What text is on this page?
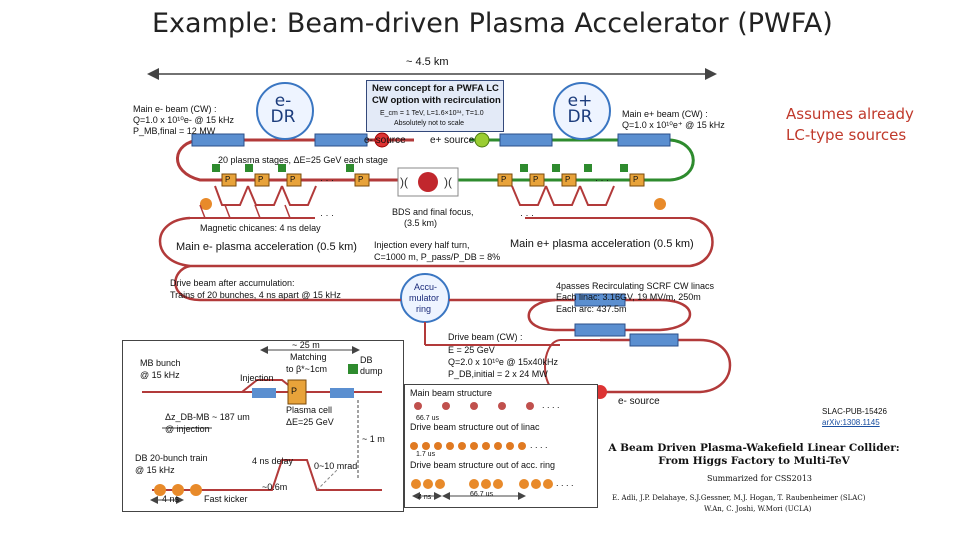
Example: Beam-driven Plasma Accelerator (PWFA)
Assumes already
LC-type sources
)(	)(
e-
DR
e+
DR
~ 4.5 km
New concept for a PWFA LC
CW option with recirculation
E_cm = 1 TeV, L=1.6×10³⁴, T=1.0
Absolutely not to scale
Main e- beam (CW) :
Q=1.0 x 10¹⁰e- @ 15 kHz
P_MB,final = 12 MW
Main e+ beam (CW) :
Q=1.0 x 10¹⁰e⁺ @ 15 kHz
e- source e+ source
20 plasma stages, ΔE=25 GeV each stage
P	P	P	P	P	P	P	P
· · ·	· · ·
· · ·	· · ·
BDS and final focus,
(3.5 km)
Magnetic chicanes: 4 ns delay
Main e- plasma acceleration (0.5 km)	Main e+ plasma acceleration (0.5 km)
Injection every half turn,
C=1000 m, P_pass/P_DB = 8%
Drive beam after accumulation:
Trains of 20 bunches, 4 ns apart @ 15 kHz
Accu-
mulator
ring
4passes Recirculating SCRF CW linacs
Each linac: 3.16GV, 19 MV/m, 250m
Each arc: 437.5m
Drive beam (CW) :
E = 25 GeV
Q=2.0 x 10¹⁰e @ 15x40kHz
P_DB,initial = 2 x 24 MW
e- source
MB bunch
@ 15 kHz
~ 25 m
Matching
to β*~1cm
DB
dump
Injection
P
Plasma cell
ΔE=25 GeV
Δz_DB-MB ~ 187 um
@ injection
~ 1 m
DB 20-bunch train
@ 15 kHz
4 ns delay 0~10 mrad
4 ns	Fast kicker
~0.6m
Main beam structure
66.7 us
Drive beam structure out of linac
1.7 us
Drive beam structure out of acc. ring
4 ns	66.7 us
. . . .
. . . .
. . . .
SLAC-PUB-15426
arXiv:1308.1145
A Beam Driven Plasma-Wakefield Linear Collider:
From Higgs Factory to Multi-TeV
Summarized for CSS2013
E. Adli, J.P. Delahaye, S.J.Gessner, M.J. Hogan, T. Raubenheimer (SLAC)
W.An, C. Joshi, W.Mori (UCLA)
